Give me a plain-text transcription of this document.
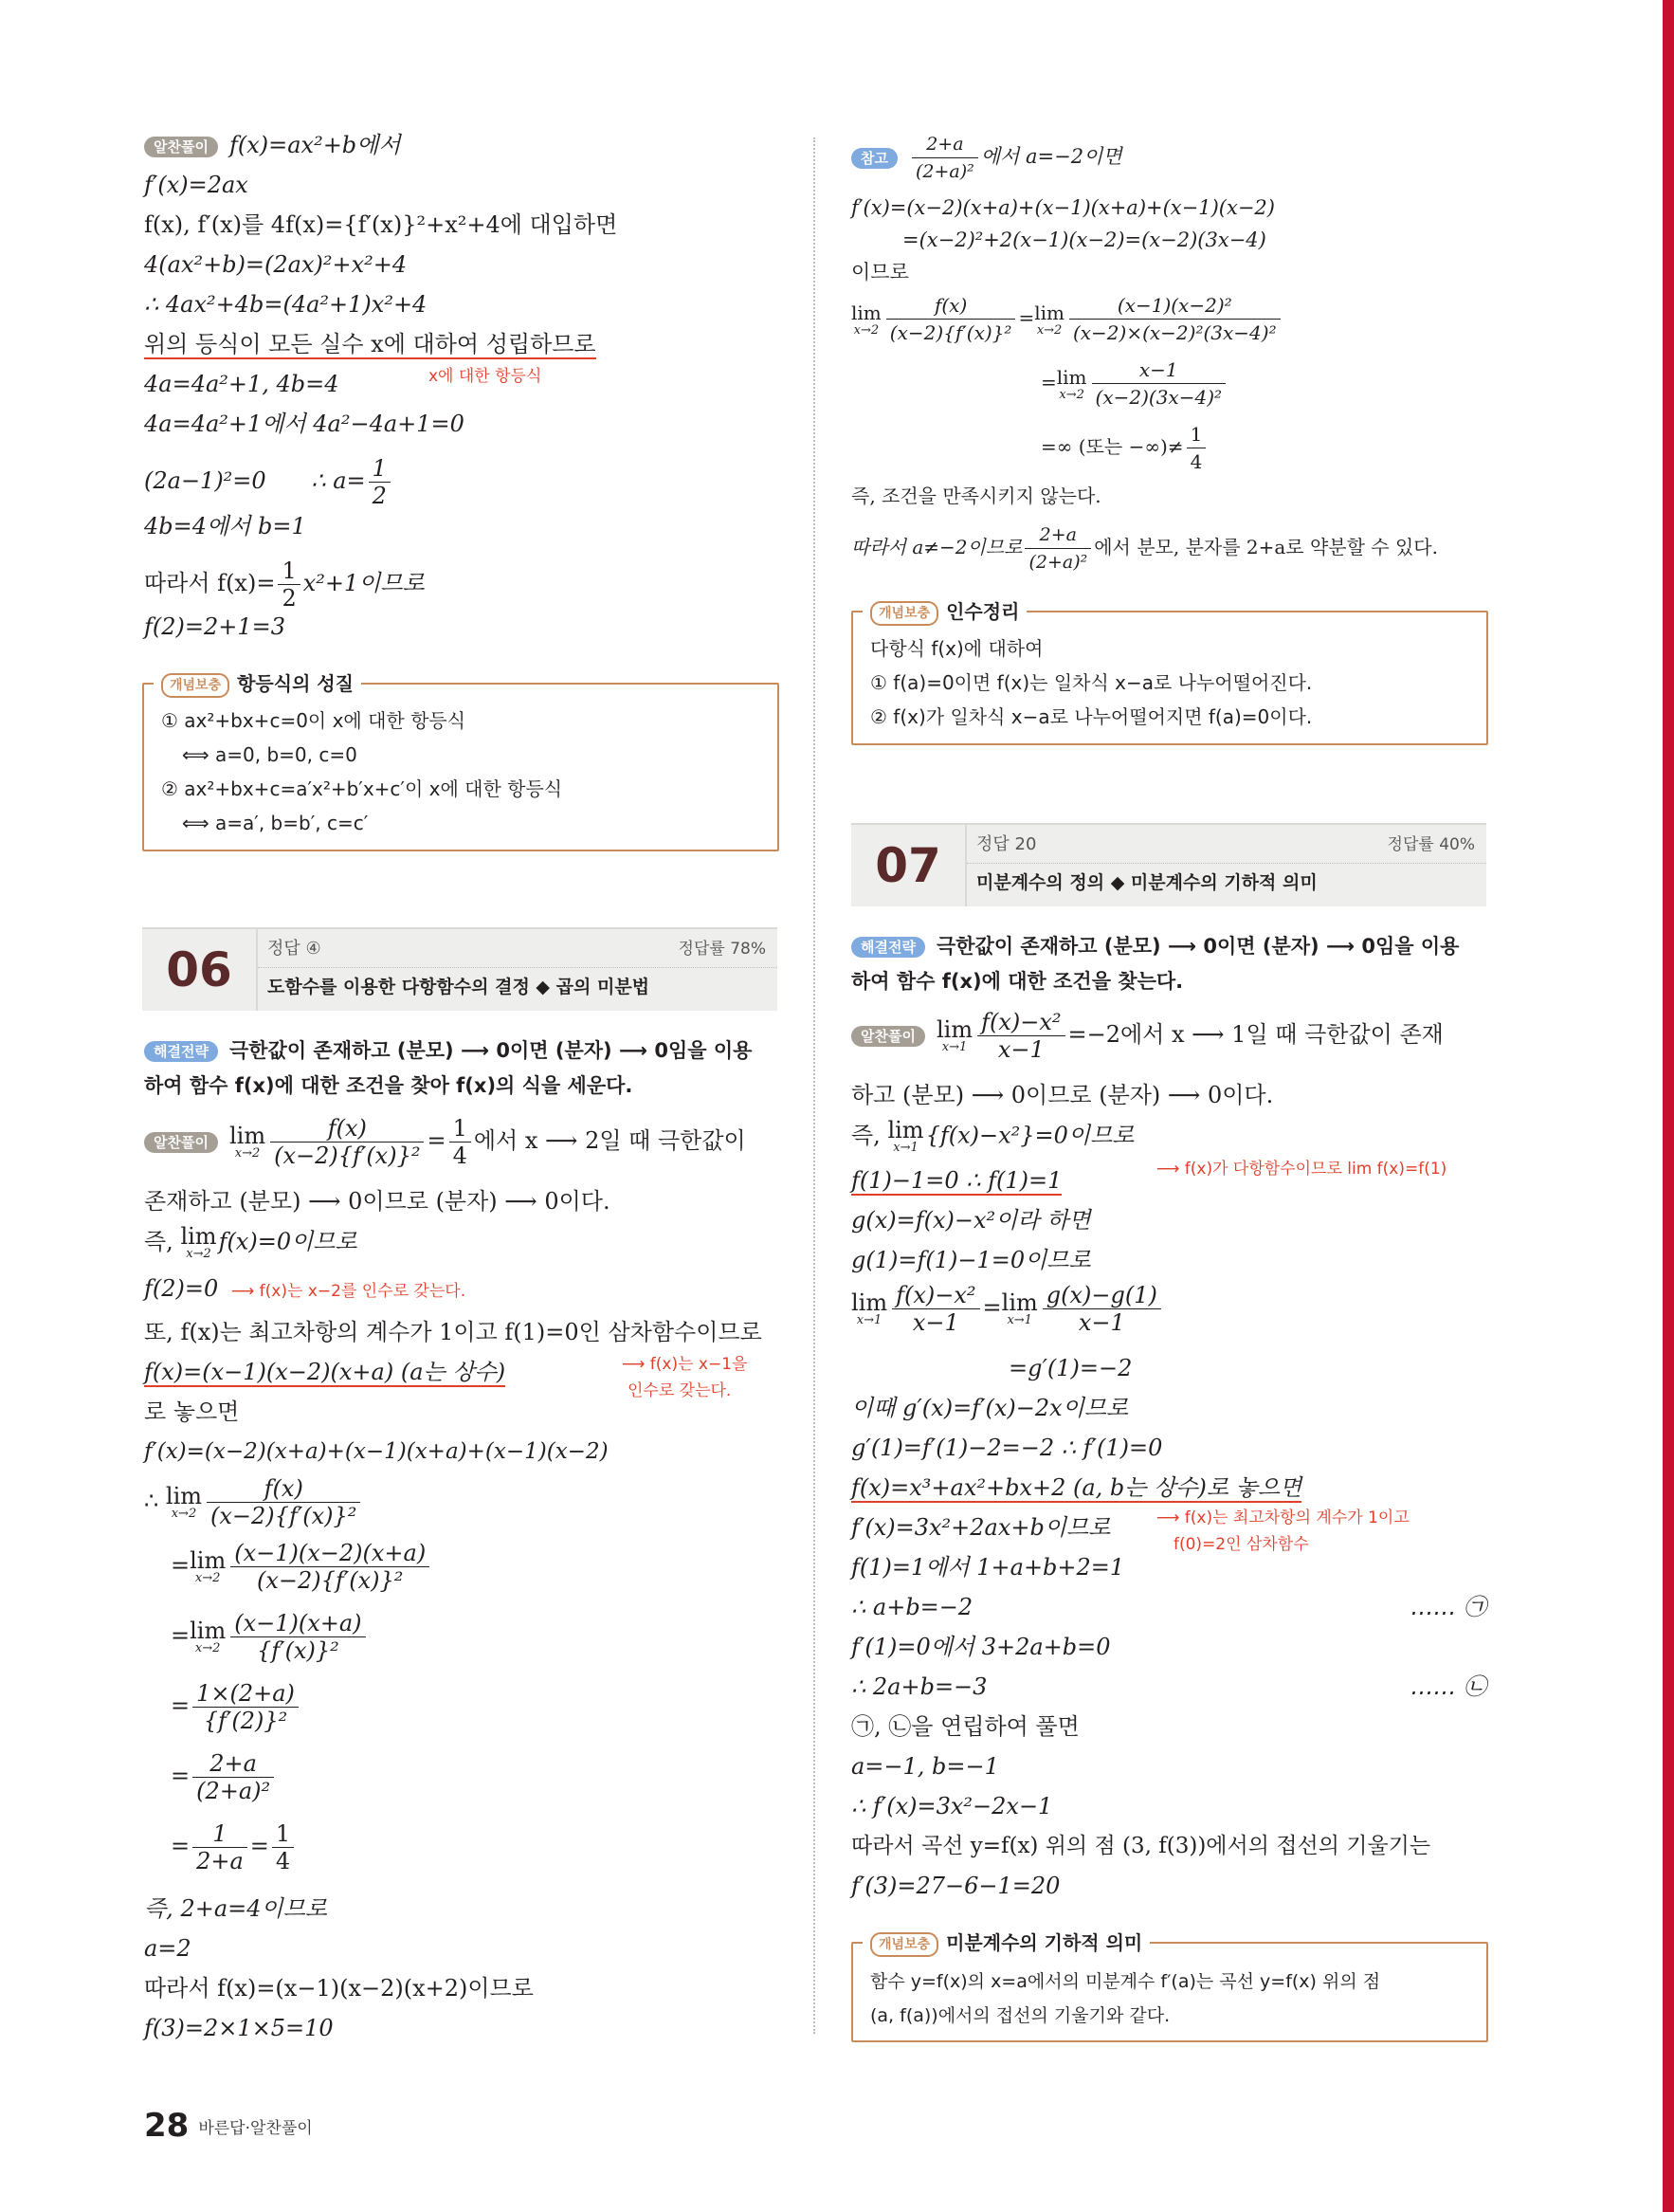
알찬풀이 f(x)=ax²+b에서
f′(x)=2ax
f(x), f′(x)를 4f(x)={f′(x)}²+x²+4에 대입하면
4(ax²+b)=(2ax)²+x²+4
∴ 4ax²+4b=(4a²+1)x²+4
위의 등식이 모든 실수 x에 대하여 성립하므로
x에 대한 항등식
4a=4a²+1, 4b=4
4a=4a²+1에서 4a²−4a+1=0
(2a−1)²=0 ∴ $a= \frac{1}{2}$
4b=4에서 b=1
따라서 $f(x)= \frac{1}{2} x^2+1$이므로
f(2)=2+1=3
개념보충 항등식의 성질
① ax²+bx+c=0이 x에 대한 항등식
⟺ a=0, b=0, c=0
② ax²+bx+c=a′x²+b′x+c′이 x에 대한 항등식
⟺ a=a′, b=b′, c=c′
06	정답 ④	정답률 78%
도함수를 이용한 다항함수의 결정 ◆ 곱의 미분법
해결전략 극한값이 존재하고 (분모) ⟶ 0이면 (분자) ⟶ 0임을 이용
하여 함수 f(x)에 대한 조건을 찾아 f(x)의 식을 세운다.
알찬풀이 lim
$x\to 2 \frac{f(x)}{\text{(x−2)\{f′(x)\}²}} = \frac{1}{4}$ 에서 x ⟶ 2일 때 극한값이
존재하고 (분모) ⟶ 0이므로 (분자) ⟶ 0이다.
즉, lim
x→2 f(x)=0이므로
f(2)=0 ⟶ f(x)는 x−2를 인수로 갖는다.
또, f(x)는 최고차항의 계수가 1이고 f(1)=0인 삼차함수이므로
f(x)=(x−1)(x−2)(x+a) (a는 상수)	⟶ f(x)는 x−1을
인수로 갖는다.
로 놓으면
f′(x)=(x−2)(x+a)+(x−1)(x+a)+(x−1)(x−2)
∴ lim
$x\to 2 \frac{f(x)}{\text{(x−2)\{f′(x)\}²}}$
=lim
$x\to 2 \frac{(x-1)(x-2)(x+a)}{\text{(x−2)\{f′(x)\}²}}$
=lim
$x\to 2 \frac{(x-1)(x+a)}{\text{\{f′(x)\}²}}$
= $\frac{1\times(2+a)}{\text{\{f′(2)\}²}}$
= $\frac{2+a}{\text{(2+a)²}}$
= $\frac{1}{2+a} = \frac{1}{4}$
즉, 2+a=4이므로
a=2
따라서 f(x)=(x−1)(x−2)(x+2)이므로
f(3)=2×1×5=10
참고 $\frac{2+a}{\text{(2+a)²}}$ 에서 a=−2이면
f′(x)=(x−2)(x+a)+(x−1)(x+a)+(x−1)(x−2)
=(x−2)²+2(x−1)(x−2)=(x−2)(3x−4)
이므로
lim
$x\to 2 \frac{f(x)}{\text{(x−2)\{f′(x)\}²}} =\lim$
$x\to 2 \frac{\text{(x−1)(x−2)²}}{\text{(x−2)×(x−2)²(3x−4)²}}$
=lim
$x\to 2 \frac{x-1}{\text{(x−2)(3x−4)²}}$
=∞ (또는 −∞)≠ $\frac{1}{4}$
즉, 조건을 만족시키지 않는다.
따라서 a≠−2이므로 $\frac{2+a}{\text{(2+a)²}}$ 에서 분모, 분자를 2+a로 약분할 수 있다.
개념보충 인수정리
다항식 f(x)에 대하여
① f(a)=0이면 f(x)는 일차식 x−a로 나누어떨어진다.
② f(x)가 일차식 x−a로 나누어떨어지면 f(a)=0이다.
07	정답 20	정답률 40%
미분계수의 정의 ◆ 미분계수의 기하적 의미
해결전략 극한값이 존재하고 (분모) ⟶ 0이면 (분자) ⟶ 0임을 이용
하여 함수 f(x)에 대한 조건을 찾는다.
알찬풀이 lim
$x\to 1 \frac{\text{f(x)−x²}}{x-1} =-2$에서 x ⟶ 1일 때 극한값이 존재
하고 (분모) ⟶ 0이므로 (분자) ⟶ 0이다.
즉, lim
x→1 {f(x)−x²}=0이므로
f(1)−1=0 ∴ f(1)=1	⟶ f(x)가 다항함수이므로 lim f(x)=f(1)
g(x)=f(x)−x²이라 하면
g(1)=f(1)−1=0이므로
lim
$x\to 1 \frac{\text{f(x)−x²}}{x-1} =\lim$
$x\to 1 \frac{g(x)-g(1)}{x-1}$
=g′(1)=−2
이때 g′(x)=f′(x)−2x이므로
g′(1)=f′(1)−2=−2 ∴ f′(1)=0
f(x)=x³+ax²+bx+2 (a, b는 상수)로 놓으면
f′(x)=3x²+2ax+b이므로	⟶ f(x)는 최고차항의 계수가 1이고
f(0)=2인 삼차함수
f(1)=1에서 1+a+b+2=1
∴ a+b=−2	…… ㉠
f′(1)=0에서 3+2a+b=0
∴ 2a+b=−3	…… ㉡
㉠, ㉡을 연립하여 풀면
a=−1, b=−1
∴ f′(x)=3x²−2x−1
따라서 곡선 y=f(x) 위의 점 (3, f(3))에서의 접선의 기울기는
f′(3)=27−6−1=20
개념보충 미분계수의 기하적 의미
함수 y=f(x)의 x=a에서의 미분계수 f′(a)는 곡선 y=f(x) 위의 점
(a, f(a))에서의 접선의 기울기와 같다.
28 바른답·알찬풀이
